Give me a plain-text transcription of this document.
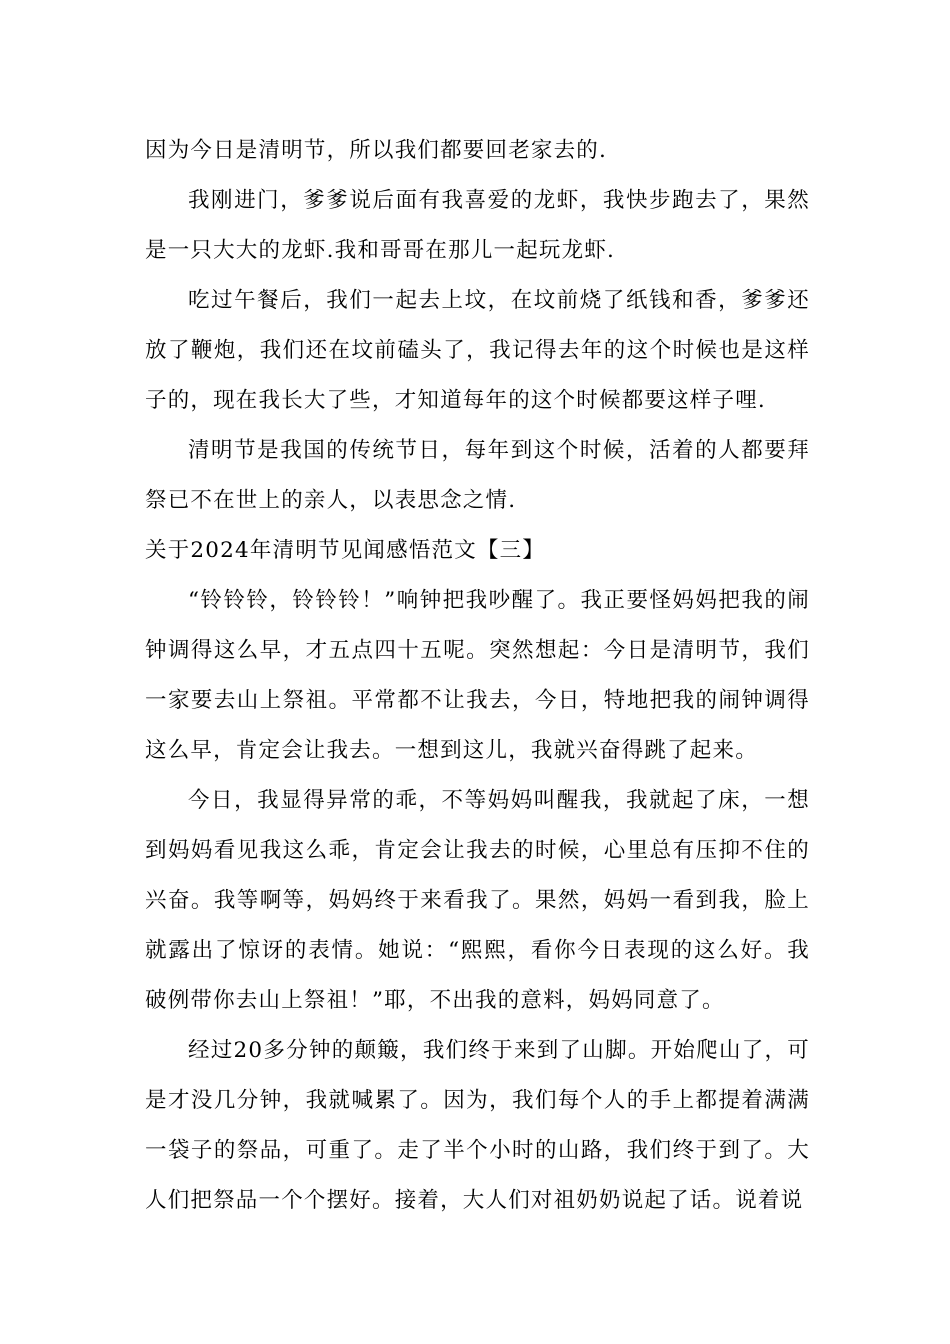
因为今日是清明节，所以我们都要回老家去的.

我刚进门，爹爹说后面有我喜爱的龙虾，我快步跑去了，果然是一只大大的龙虾.我和哥哥在那儿一起玩龙虾.

吃过午餐后，我们一起去上坟，在坟前烧了纸钱和香，爹爹还放了鞭炮，我们还在坟前磕头了，我记得去年的这个时候也是这样子的，现在我长大了些，才知道每年的这个时候都要这样子哩.

清明节是我国的传统节日，每年到这个时候，活着的人都要拜祭已不在世上的亲人，以表思念之情.

关于2024年清明节见闻感悟范文【三】

“铃铃铃，铃铃铃！”响钟把我吵醒了。我正要怪妈妈把我的闹钟调得这么早，才五点四十五呢。突然想起：今日是清明节，我们一家要去山上祭祖。平常都不让我去，今日，特地把我的闹钟调得这么早，肯定会让我去。一想到这儿，我就兴奋得跳了起来。

今日，我显得异常的乖，不等妈妈叫醒我，我就起了床，一想到妈妈看见我这么乖，肯定会让我去的时候，心里总有压抑不住的兴奋。我等啊等，妈妈终于来看我了。果然，妈妈一看到我，脸上就露出了惊讶的表情。她说：“熙熙，看你今日表现的这么好。我破例带你去山上祭祖！”耶，不出我的意料，妈妈同意了。

经过20多分钟的颠簸，我们终于来到了山脚。开始爬山了，可是才没几分钟，我就喊累了。因为，我们每个人的手上都提着满满一袋子的祭品，可重了。走了半个小时的山路，我们终于到了。大人们把祭品一个个摆好。接着，大人们对祖奶奶说起了话。说着说
